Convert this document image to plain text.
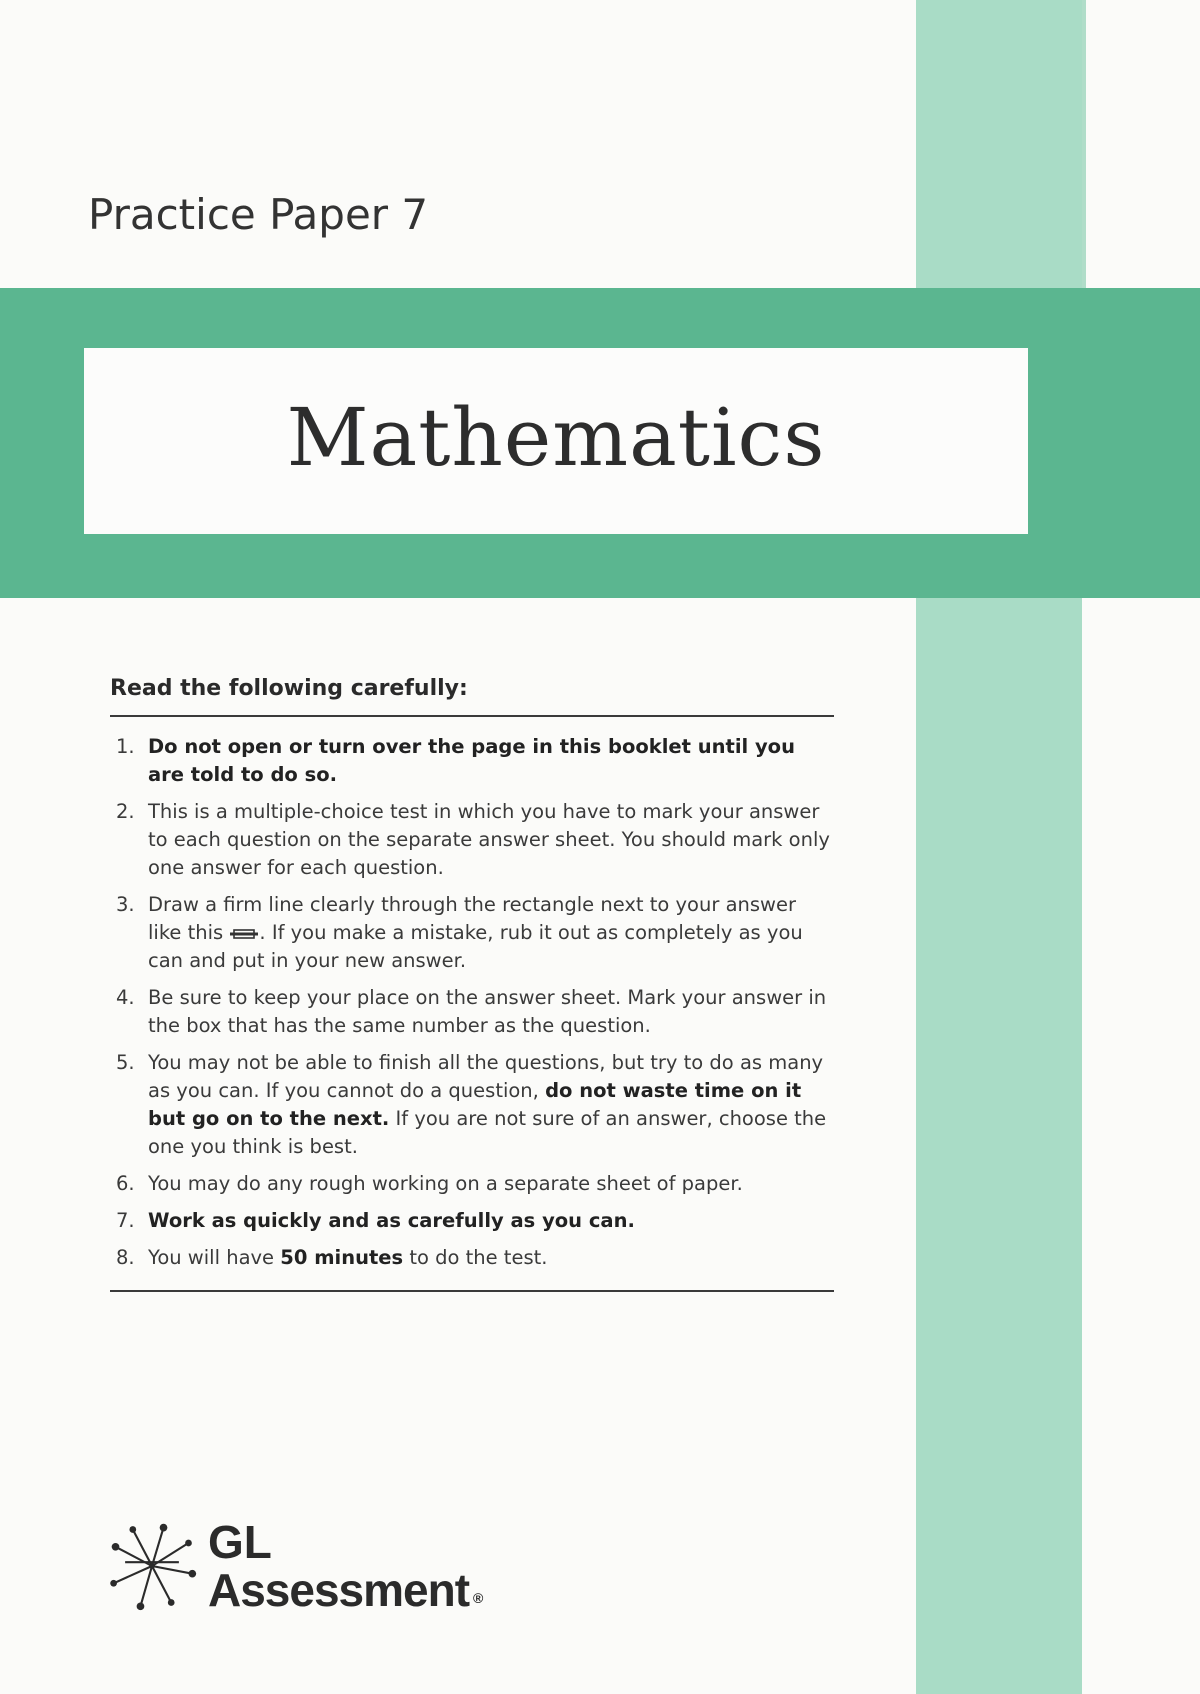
Practice Paper 7
Mathematics
Read the following carefully:
1. Do not open or turn over the page in this booklet until you are told to do so.
2. This is a multiple-choice test in which you have to mark your answer to each question on the separate answer sheet. You should mark only one answer for each question.
3. Draw a firm line clearly through the rectangle next to your answer like this . If you make a mistake, rub it out as completely as you can and put in your new answer.
4. Be sure to keep your place on the answer sheet. Mark your answer in the box that has the same number as the question.
5. You may not be able to finish all the questions, but try to do as many as you can. If you cannot do a question, do not waste time on it but go on to the next. If you are not sure of an answer, choose the one you think is best.
6. You may do any rough working on a separate sheet of paper.
7. Work as quickly and as carefully as you can.
8. You will have 50 minutes to do the test.
GL
Assessment ®
